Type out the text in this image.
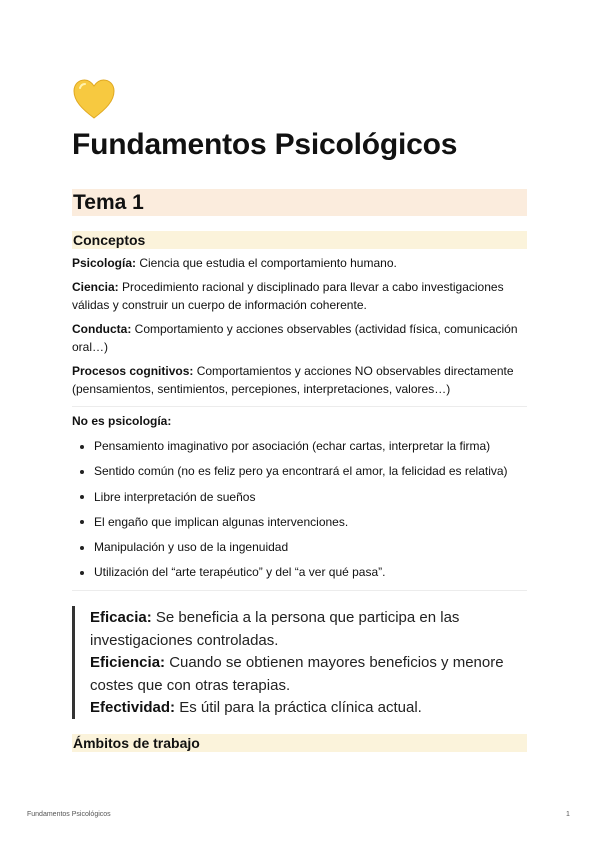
Fundamentos Psicológicos
Tema 1
Conceptos
Psicología: Ciencia que estudia el comportamiento humano.
Ciencia: Procedimiento racional y disciplinado para llevar a cabo investigaciones válidas y construir un cuerpo de información coherente.
Conducta: Comportamiento y acciones observables (actividad física, comunicación oral…)
Procesos cognitivos: Comportamientos y acciones NO observables directamente (pensamientos, sentimientos, percepiones, interpretaciones, valores…)
No es psicología:
Pensamiento imaginativo por asociación (echar cartas, interpretar la firma)
Sentido común (no es feliz pero ya encontrará el amor, la felicidad es relativa)
Libre interpretación de sueños
El engaño que implican algunas intervenciones.
Manipulación y uso de la ingenuidad
Utilización del “arte terapéutico” y del “a ver qué pasa”.
Eficacia: Se beneficia a la persona que participa en las investigaciones controladas.
Eficiencia: Cuando se obtienen mayores beneficios y menore costes que con otras terapias.
Efectividad: Es útil para la práctica clínica actual.
Ámbitos de trabajo
Fundamentos Psicológicos	1
